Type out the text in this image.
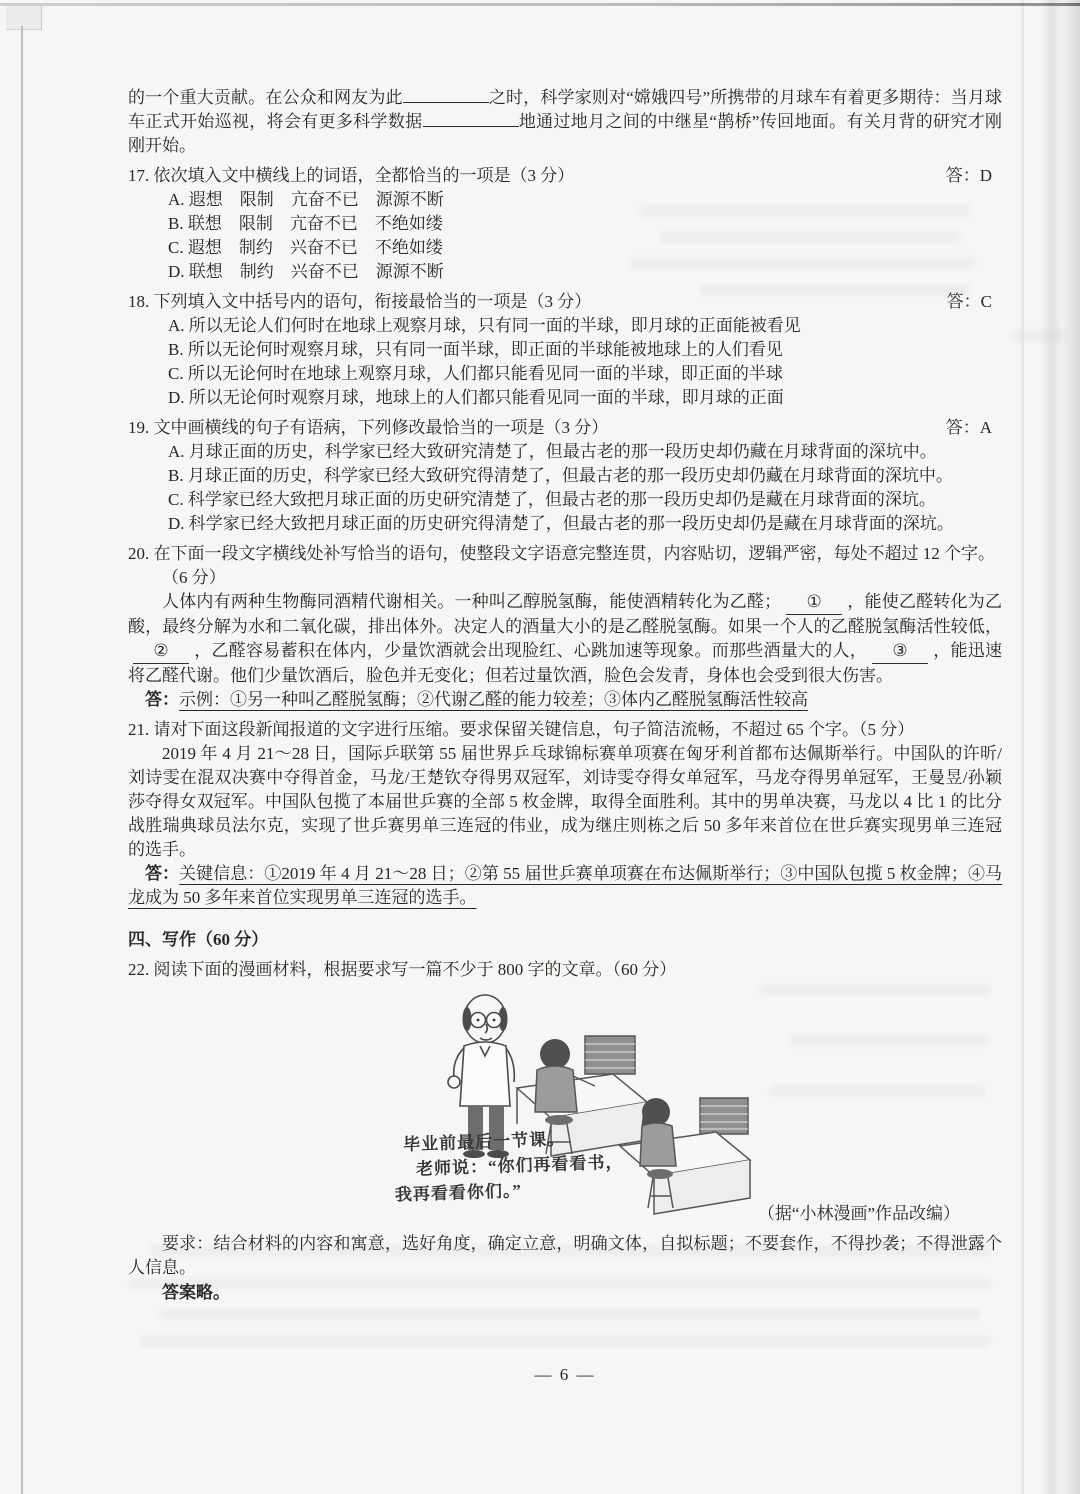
的一个重大贡献。在公众和网友为此	之时，科学家则对“嫦娥四号”所携带的月球车有着更多期待：当月球车正式开始巡视，将会有更多科学数据	地通过地月之间的中继星“鹊桥”传回地面。有关月背的研究才刚刚开始。

17. 依次填入文中横线上的词语，全都恰当的一项是（3 分）	答：D
A. 遐想　限制　亢奋不已　源源不断
B. 联想　限制　亢奋不已　不绝如缕
C. 遐想　制约　兴奋不已　不绝如缕
D. 联想　制约　兴奋不已　源源不断
18. 下列填入文中括号内的语句，衔接最恰当的一项是（3 分）	答：C
A. 所以无论人们何时在地球上观察月球，只有同一面的半球，即月球的正面能被看见
B. 所以无论何时观察月球，只有同一面半球，即正面的半球能被地球上的人们看见
C. 所以无论何时在地球上观察月球，人们都只能看见同一面的半球，即正面的半球
D. 所以无论何时观察月球，地球上的人们都只能看见同一面的半球，即月球的正面
19. 文中画横线的句子有语病，下列修改最恰当的一项是（3 分）	答：A
A. 月球正面的历史，科学家已经大致研究清楚了，但最古老的那一段历史却仍藏在月球背面的深坑中。
B. 月球正面的历史，科学家已经大致研究得清楚了，但最古老的那一段历史却仍藏在月球背面的深坑中。
C. 科学家已经大致把月球正面的历史研究清楚了，但最古老的那一段历史却仍是藏在月球背面的深坑。
D. 科学家已经大致把月球正面的历史研究得清楚了，但最古老的那一段历史却仍是藏在月球背面的深坑。
20. 在下面一段文字横线处补写恰当的语句，使整段文字语意完整连贯，内容贴切，逻辑严密，每处不超过 12 个字。（6 分）

人体内有两种生物酶同酒精代谢相关。一种叫乙醇脱氢酶，能使酒精转化为乙醛； ① ，能使乙醛转化为乙酸，最终分解为水和二氧化碳，排出体外。决定人的酒量大小的是乙醛脱氢酶。如果一个人的乙醛脱氢酶活性较低，② ，乙醛容易蓄积在体内，少量饮酒就会出现脸红、心跳加速等现象。而那些酒量大的人， ③ ，能迅速将乙醛代谢。他们少量饮酒后，脸色并无变化；但若过量饮酒，脸色会发青，身体也会受到很大伤害。

答：示例：①另一种叫乙醛脱氢酶；②代谢乙醛的能力较差；③体内乙醛脱氢酶活性较高

21. 请对下面这段新闻报道的文字进行压缩。要求保留关键信息，句子简洁流畅，不超过 65 个字。（5 分）

2019 年 4 月 21～28 日，国际乒联第 55 届世界乒乓球锦标赛单项赛在匈牙利首都布达佩斯举行。中国队的许昕/刘诗雯在混双决赛中夺得首金，马龙/王楚钦夺得男双冠军，刘诗雯夺得女单冠军，马龙夺得男单冠军，王曼昱/孙颖莎夺得女双冠军。中国队包揽了本届世乒赛的全部 5 枚金牌，取得全面胜利。其中的男单决赛，马龙以 4 比 1 的比分战胜瑞典球员法尔克，实现了世乒赛男单三连冠的伟业，成为继庄则栋之后 50 多年来首位在世乒赛实现男单三连冠的选手。

答：关键信息：①2019 年 4 月 21～28 日；②第 55 届世乒赛单项赛在布达佩斯举行；③中国队包揽 5 枚金牌；④马龙成为 50 多年来首位实现男单三连冠的选手。

四、写作（60 分）
22. 阅读下面的漫画材料，根据要求写一篇不少于 800 字的文章。（60 分）
毕业前最后一节课。
老师说：“你们再看看书，
我再看看你们。”
（据“小林漫画”作品改编）

要求：结合材料的内容和寓意，选好角度，确定立意，明确文体，自拟标题；不要套作，不得抄袭；不得泄露个人信息。

答案略。
— 6 —
